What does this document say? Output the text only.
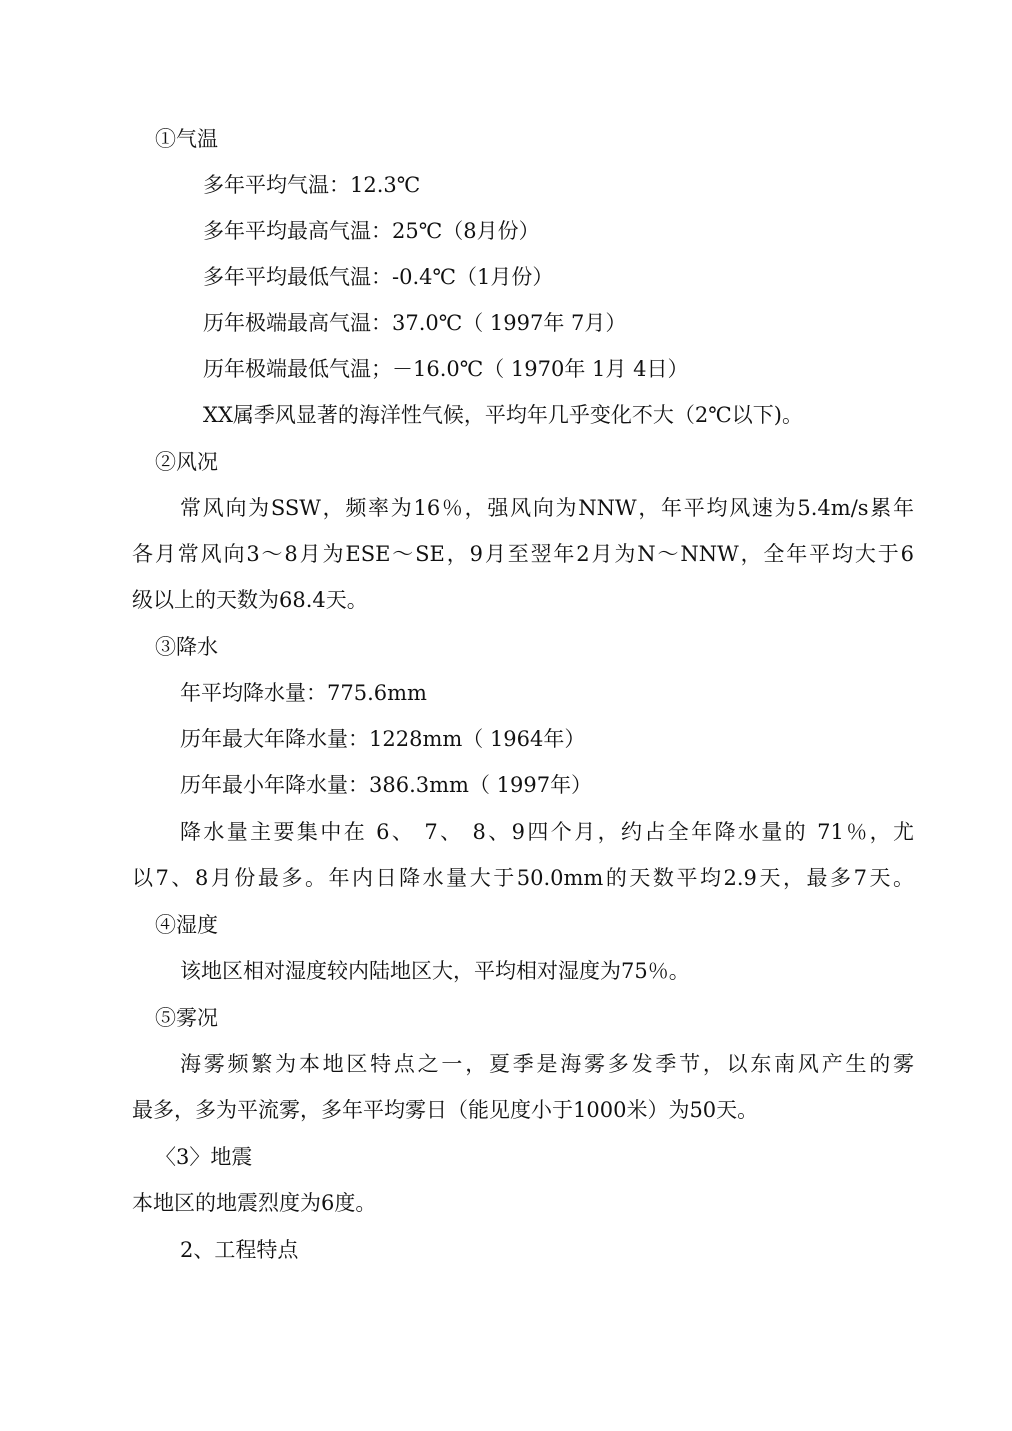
①气温
多年平均气温：12.3℃
多年平均最高气温：25℃（8月份）
多年平均最低气温：-0.4℃（1月份）
历年极端最高气温：37.0℃（ 1997年 7月）
历年极端最低气温；－16.0℃（ 1970年 1月 4日）
XX属季风显著的海洋性气候，平均年几乎变化不大（2℃以下)。
②风况
常风向为SSW，频率为16％，强风向为NNW，年平均风速为5.4m/s累年
各月常风向3～8月为ESE～SE，9月至翌年2月为N～NNW，全年平均大于6
级以上的天数为68.4天。
③降水
年平均降水量：775.6mm
历年最大年降水量：1228mm（ 1964年）
历年最小年降水量：386.3mm（ 1997年）
降水量主要集中在 6、 7、 8、9四个月，约占全年降水量的 71％，尤
以7、8月份最多。年内日降水量大于50.0mm的天数平均2.9天，最多7天。
④湿度
该地区相对湿度较内陆地区大，平均相对湿度为75％。
⑤雾况
海雾频繁为本地区特点之一，夏季是海雾多发季节，以东南风产生的雾
最多，多为平流雾，多年平均雾日（能见度小于1000米）为50天。
〈3〉地震
本地区的地震烈度为6度。
2、工程特点
